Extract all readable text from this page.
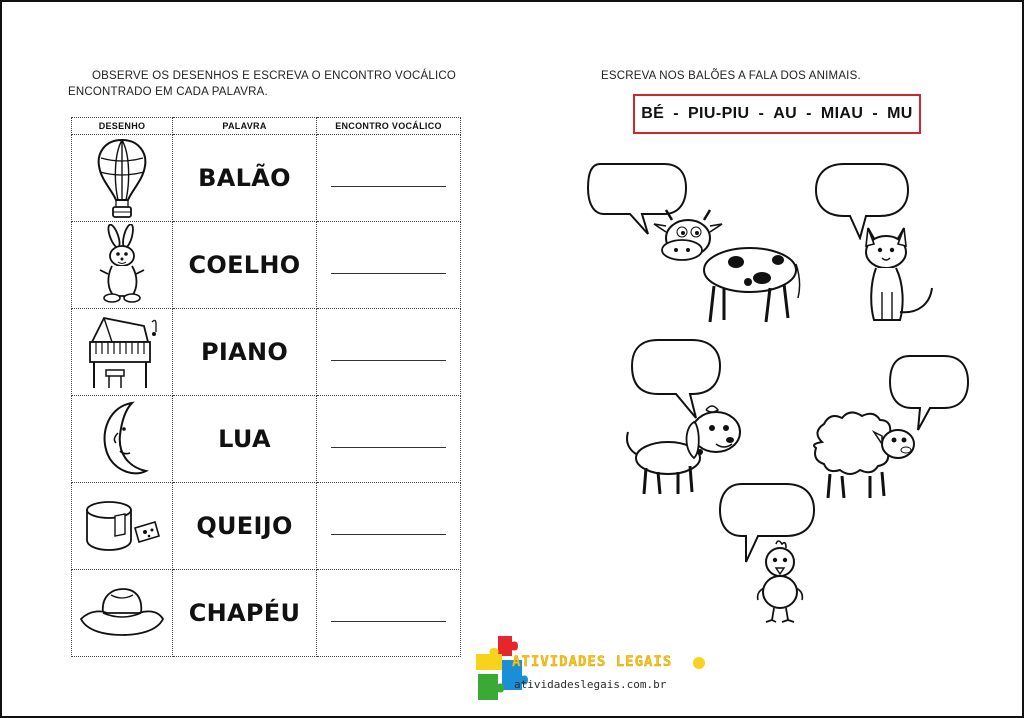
OBSERVE OS DESENHOS E ESCREVA O ENCONTRO VOCÁLICO
ENCONTRADO EM CADA PALAVRA.
DESENHO	PALAVRA	ENCONTRO VOCÁLICO

BALÃO	

COELHO	

PIANO	

LUA	

QUEIJO	

CHAPÉU	

ESCREVA NOS BALÕES A FALA DOS ANIMAIS.
BÉ - PIU-PIU - AU - MIAU - MU
ATIVIDADES LEGAIS
atividadeslegais.com.br
